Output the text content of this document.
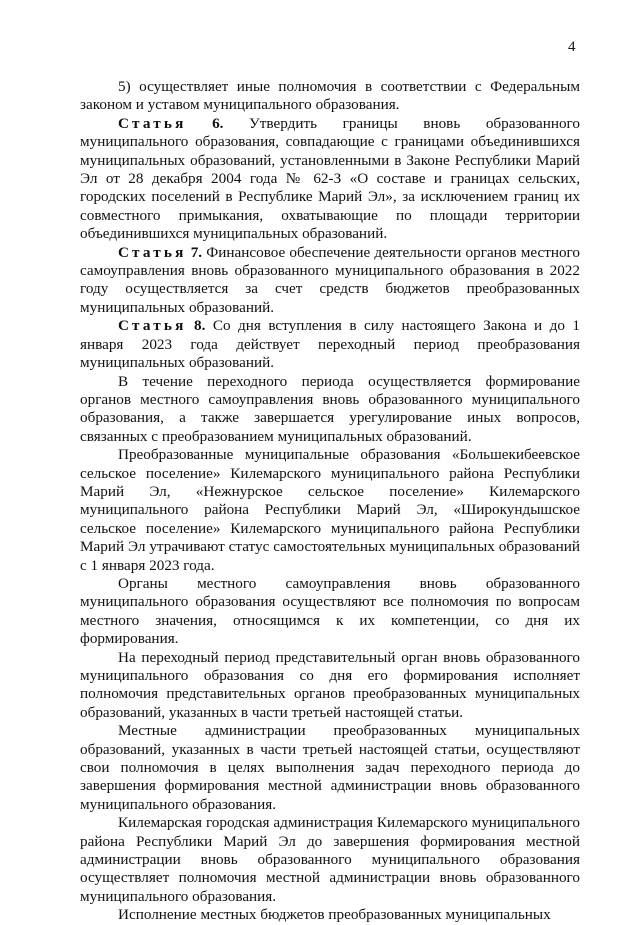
4

5) осуществляет иные полномочия в соответствии с Федеральным законом и уставом муниципального образования.

Статья 6. Утвердить границы вновь образованного муниципального образования, совпадающие с границами объединившихся муниципальных образований, установленными в Законе Республики Марий Эл от 28 декабря 2004 года № 62-З «О составе и границах сельских, городских поселений в Республике Марий Эл», за исключением границ их совместного примыкания, охватывающие по площади территории объединившихся муниципальных образований.

Статья 7. Финансовое обеспечение деятельности органов местного самоуправления вновь образованного муниципального образования в 2022 году осуществляется за счет средств бюджетов преобразованных муниципальных образований.

Статья 8. Со дня вступления в силу настоящего Закона и до 1 января 2023 года действует переходный период преобразования муниципальных образований.

В течение переходного периода осуществляется формирование органов местного самоуправления вновь образованного муниципального образования, а также завершается урегулирование иных вопросов, связанных с преобразованием муниципальных образований.

Преобразованные муниципальные образования «Большекибеевское сельское поселение» Килемарского муниципального района Республики Марий Эл, «Нежнурское сельское поселение» Килемарского муниципального района Республики Марий Эл, «Широкундышское сельское поселение» Килемарского муниципального района Республики Марий Эл утрачивают статус самостоятельных муниципальных образований с 1 января 2023 года.

Органы местного самоуправления вновь образованного муниципального образования осуществляют все полномочия по вопросам местного значения, относящимся к их компетенции, со дня их формирования.

На переходный период представительный орган вновь образованного муниципального образования со дня его формирования исполняет полномочия представительных органов преобразованных муниципальных образований, указанных в части третьей настоящей статьи.

Местные администрации преобразованных муниципальных образований, указанных в части третьей настоящей статьи, осуществляют свои полномочия в целях выполнения задач переходного периода до завершения формирования местной администрации вновь образованного муниципального образования.

Килемарская городская администрация Килемарского муниципального района Республики Марий Эл до завершения формирования местной администрации вновь образованного муниципального образования осуществляет полномочия местной администрации вновь образованного муниципального образования.

Исполнение местных бюджетов преобразованных муниципальных
